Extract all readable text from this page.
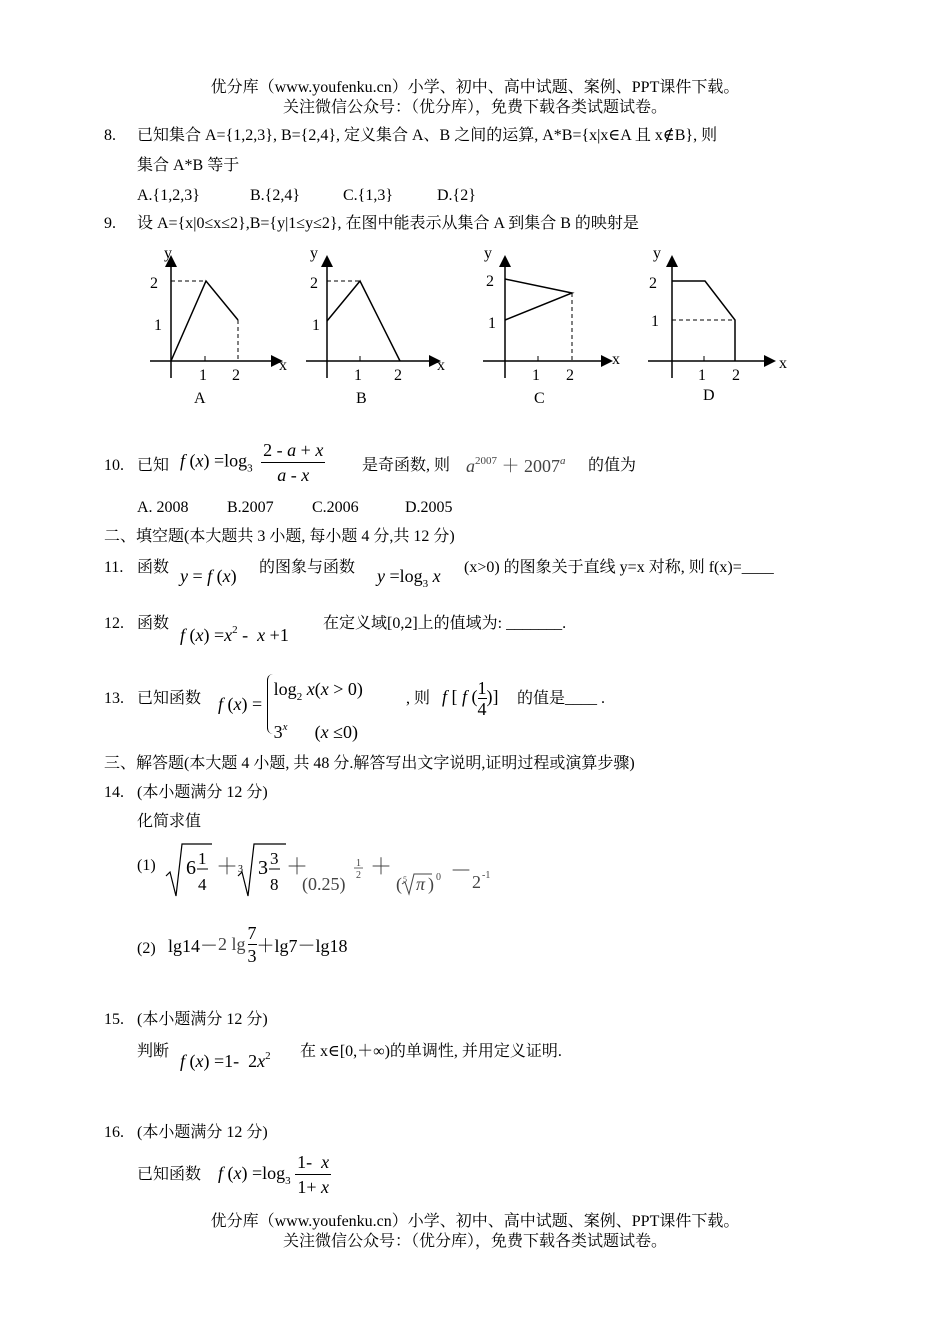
优分库（www.youfenku.cn）小学、初中、高中试题、案例、PPT课件下载。
关注微信公众号：（优分库），免费下载各类试题试卷。
8. 已知集合 A={1,2,3}, B={2,4}, 定义集合 A、B 之间的运算, A*B={x|x∈A 且 x∉B}, 则
集合 A*B 等于
A.{1,2,3}	B.{2,4}	C.{1,3}	D.{2}
9. 设 A={x|0≤x≤2},B={y|1≤y≤2}, 在图中能表示从集合 A 到集合 B 的映射是
y
x
2
1
1 2
A
y
x
2
1
1 2
B
y
x
2
1
1 2
C
y
x
2
1
1 2
D
10. 已知 f $(x) =\log_3 \frac{2 - a + x}{a - x}$ 是奇函数, 则 $a^{2007} + 2007^a$ 的值为
A. 2008 B.2007 C.2006	D.2005
二、填空题(本大题共 3 小题, 每小题 4 分,共 12 分)
11. 函数 y = f (x) 的图象与函数 $y =\log_3$ x (x>0) 的图象关于直线 y=x 对称, 则 f(x)=____
12. 函数
f $(x) =x^2 - x +1$
在定义域[0,2]上的值域为: _______.
13. 已知函数 f (x) =
$\log_2 x(x > 0)$
3$^x$      (x ≤0)
, 则 f [ f ( $\frac{1}{4}$ )] 的值是____ .
三、解答题(本大题 4 小题, 共 48 分.解答写出文字说明,证明过程或演算步骤)
14. (本小题满分 12 分)
化简求值
(1) 6 1
4
＋ 3 3 3
8
＋
(0.25)
1
2 ＋
( 5 π ) 0 － 2 -1
(2) lg14－2 $\lg \frac{7}{3} +\lg 7-\lg 18$
15. (本小题满分 12 分)
判断 f (x) =1-  $2x^2$ 在 x∈[0,＋∞)的单调性, 并用定义证明.
16. (本小题满分 12 分)
已知函数 f $(x) =\log_3 \frac{1- x}{1+ x}$
优分库（www.youfenku.cn）小学、初中、高中试题、案例、PPT课件下载。
关注微信公众号：（优分库），免费下载各类试题试卷。
